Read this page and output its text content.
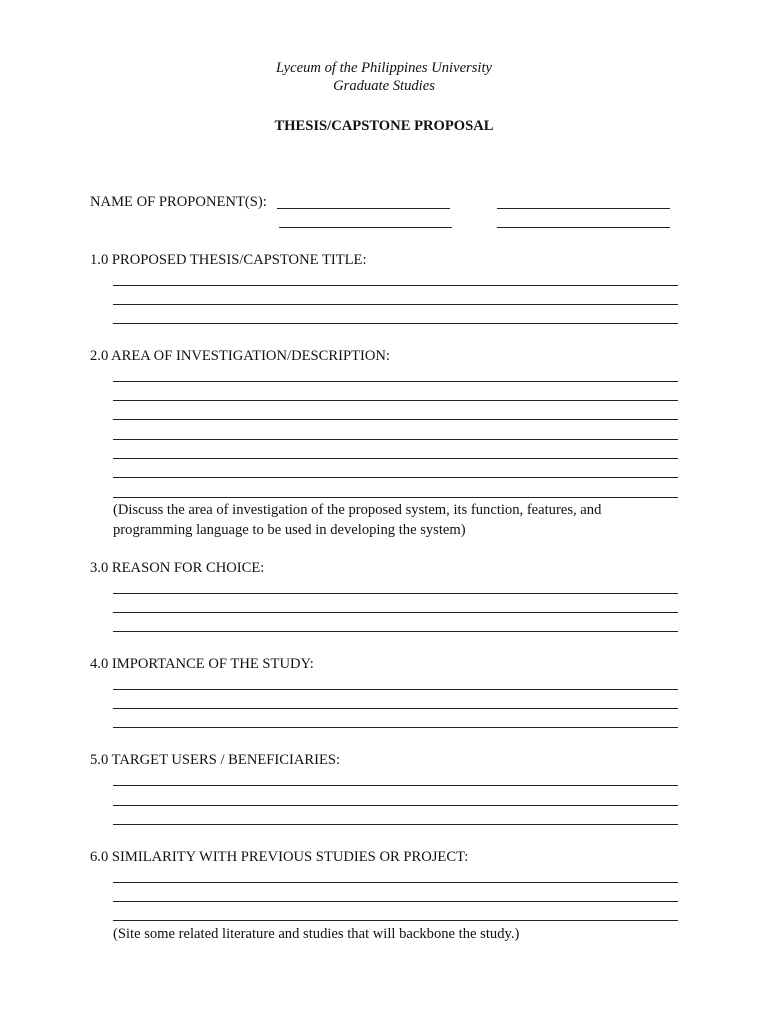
Lyceum of the Philippines University
Graduate Studies
THESIS/CAPSTONE PROPOSAL
NAME OF PROPONENT(S):
1.0 PROPOSED THESIS/CAPSTONE TITLE:
2.0 AREA OF INVESTIGATION/DESCRIPTION:
(Discuss the area of investigation of the proposed system, its function, features, and programming language to be used in developing the system)
3.0 REASON FOR CHOICE:
4.0 IMPORTANCE OF THE STUDY:
5.0 TARGET USERS / BENEFICIARIES:
6.0 SIMILARITY WITH PREVIOUS STUDIES OR PROJECT:
(Site some related literature and studies that will backbone the study.)
